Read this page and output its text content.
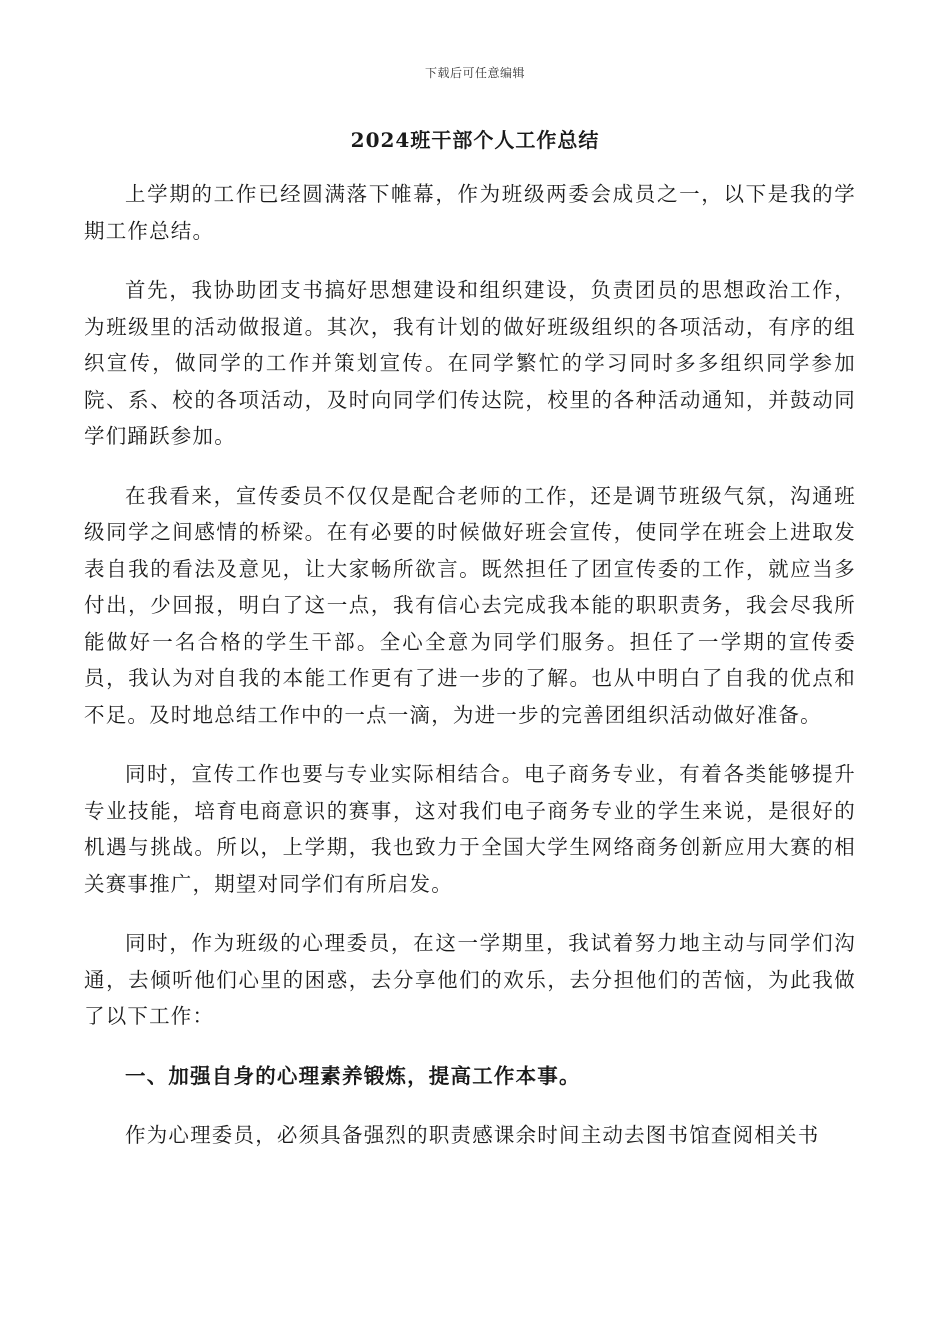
下载后可任意编辑
2024班干部个人工作总结

上学期的工作已经圆满落下帷幕，作为班级两委会成员之一，以下是我的学期工作总结。

首先，我协助团支书搞好思想建设和组织建设，负责团员的思想政治工作，为班级里的活动做报道。其次，我有计划的做好班级组织的各项活动，有序的组织宣传，做同学的工作并策划宣传。在同学繁忙的学习同时多多组织同学参加院、系、校的各项活动，及时向同学们传达院，校里的各种活动通知，并鼓动同学们踊跃参加。

在我看来，宣传委员不仅仅是配合老师的工作，还是调节班级气氛，沟通班级同学之间感情的桥梁。在有必要的时候做好班会宣传，使同学在班会上进取发表自我的看法及意见，让大家畅所欲言。既然担任了团宣传委的工作，就应当多付出，少回报，明白了这一点，我有信心去完成我本能的职职责务，我会尽我所能做好一名合格的学生干部。全心全意为同学们服务。担任了一学期的宣传委员，我认为对自我的本能工作更有了进一步的了解。也从中明白了自我的优点和不足。及时地总结工作中的一点一滴，为进一步的完善团组织活动做好准备。

同时，宣传工作也要与专业实际相结合。电子商务专业，有着各类能够提升专业技能，培育电商意识的赛事，这对我们电子商务专业的学生来说，是很好的机遇与挑战。所以，上学期，我也致力于全国大学生网络商务创新应用大赛的相关赛事推广，期望对同学们有所启发。

同时，作为班级的心理委员，在这一学期里，我试着努力地主动与同学们沟通，去倾听他们心里的困惑，去分享他们的欢乐，去分担他们的苦恼，为此我做了以下工作：

一、加强自身的心理素养锻炼，提高工作本事。

作为心理委员，必须具备强烈的职责感课余时间主动去图书馆查阅相关书
